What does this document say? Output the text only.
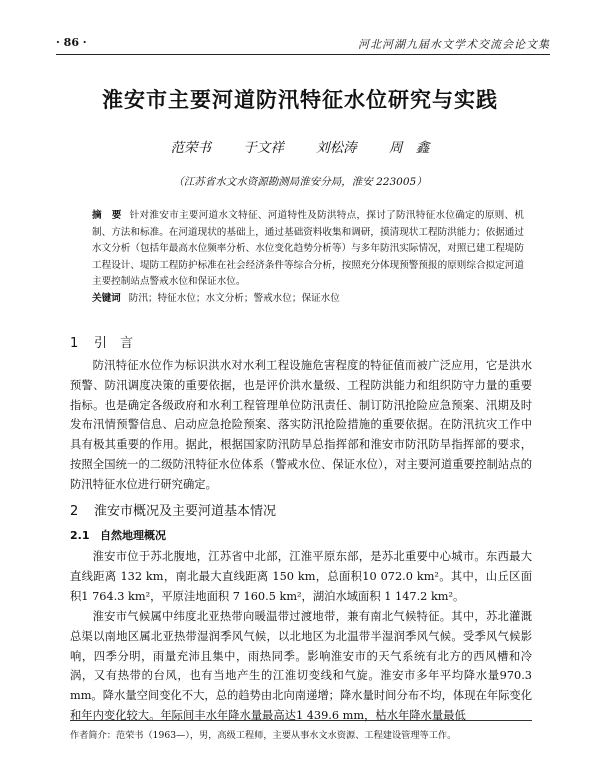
· 86 ·	河北河湖九届水文学术交流会论文集
淮安市主要河道防汛特征水位研究与实践
范荣书 于文祥 刘松涛 周　鑫
（江苏省水文水资源勘测局淮安分局，淮安 223005）
摘　要 针对淮安市主要河道水文特征、河道特性及防洪特点，探讨了防汛特征水位确定的原则、机制、方法和标准。在河道现状的基础上，通过基础资料收集和调研，摸清现状工程防洪能力；依据通过水文分析（包括年最高水位频率分析、水位变化趋势分析等）与多年防汛实际情况，对照已建工程堤防工程设计、堤防工程防护标准在社会经济条件等综合分析，按照充分体现预警预报的原则综合拟定河道主要控制站点警戒水位和保证水位。
关键词 防汛；特征水位；水文分析；警戒水位；保证水位
1 引　言
防汛特征水位作为标识洪水对水利工程设施危害程度的特征值而被广泛应用，它是洪水预警、防汛调度决策的重要依据，也是评价洪水量级、工程防洪能力和组织防守力量的重要指标。也是确定各级政府和水利工程管理单位防汛责任、制订防汛抢险应急预案、汛期及时发布汛情预警信息、启动应急抢险预案、落实防汛抢险措施的重要依据。在防汛抗灾工作中具有极其重要的作用。据此，根据国家防汛防旱总指挥部和淮安市防汛防旱指挥部的要求，按照全国统一的二级防汛特征水位体系（警戒水位、保证水位），对主要河道重要控制站点的防汛特征水位进行研究确定。
2 淮安市概况及主要河道基本情况
2.1 自然地理概况
淮安市位于苏北腹地，江苏省中北部，江淮平原东部，是苏北重要中心城市。东西最大直线距离 132 km，南北最大直线距离 150 km，总面积10 072.0 km²。其中，山丘区面积1 764.3 km²，平原洼地面积 7 160.5 km²，湖泊水域面积 1 147.2 km²。
淮安市气候属中纬度北亚热带向暖温带过渡地带，兼有南北气候特征。其中，苏北灌溉总渠以南地区属北亚热带湿润季风气候，以北地区为北温带半湿润季风气候。受季风气候影响，四季分明，雨量充沛且集中，雨热同季。影响淮安市的天气系统有北方的西风槽和冷涡，又有热带的台风，也有当地产生的江淮切变线和气旋。淮安市多年平均降水量970.3 mm。降水量空间变化不大，总的趋势由北向南递增；降水量时间分布不均，体现在年际变化和年内变化较大。年际间丰水年降水量最高达1 439.6 mm，枯水年降水量最低
作者简介：范荣书（1963—），男，高级工程师，主要从事水文水资源、工程建设管理等工作。
